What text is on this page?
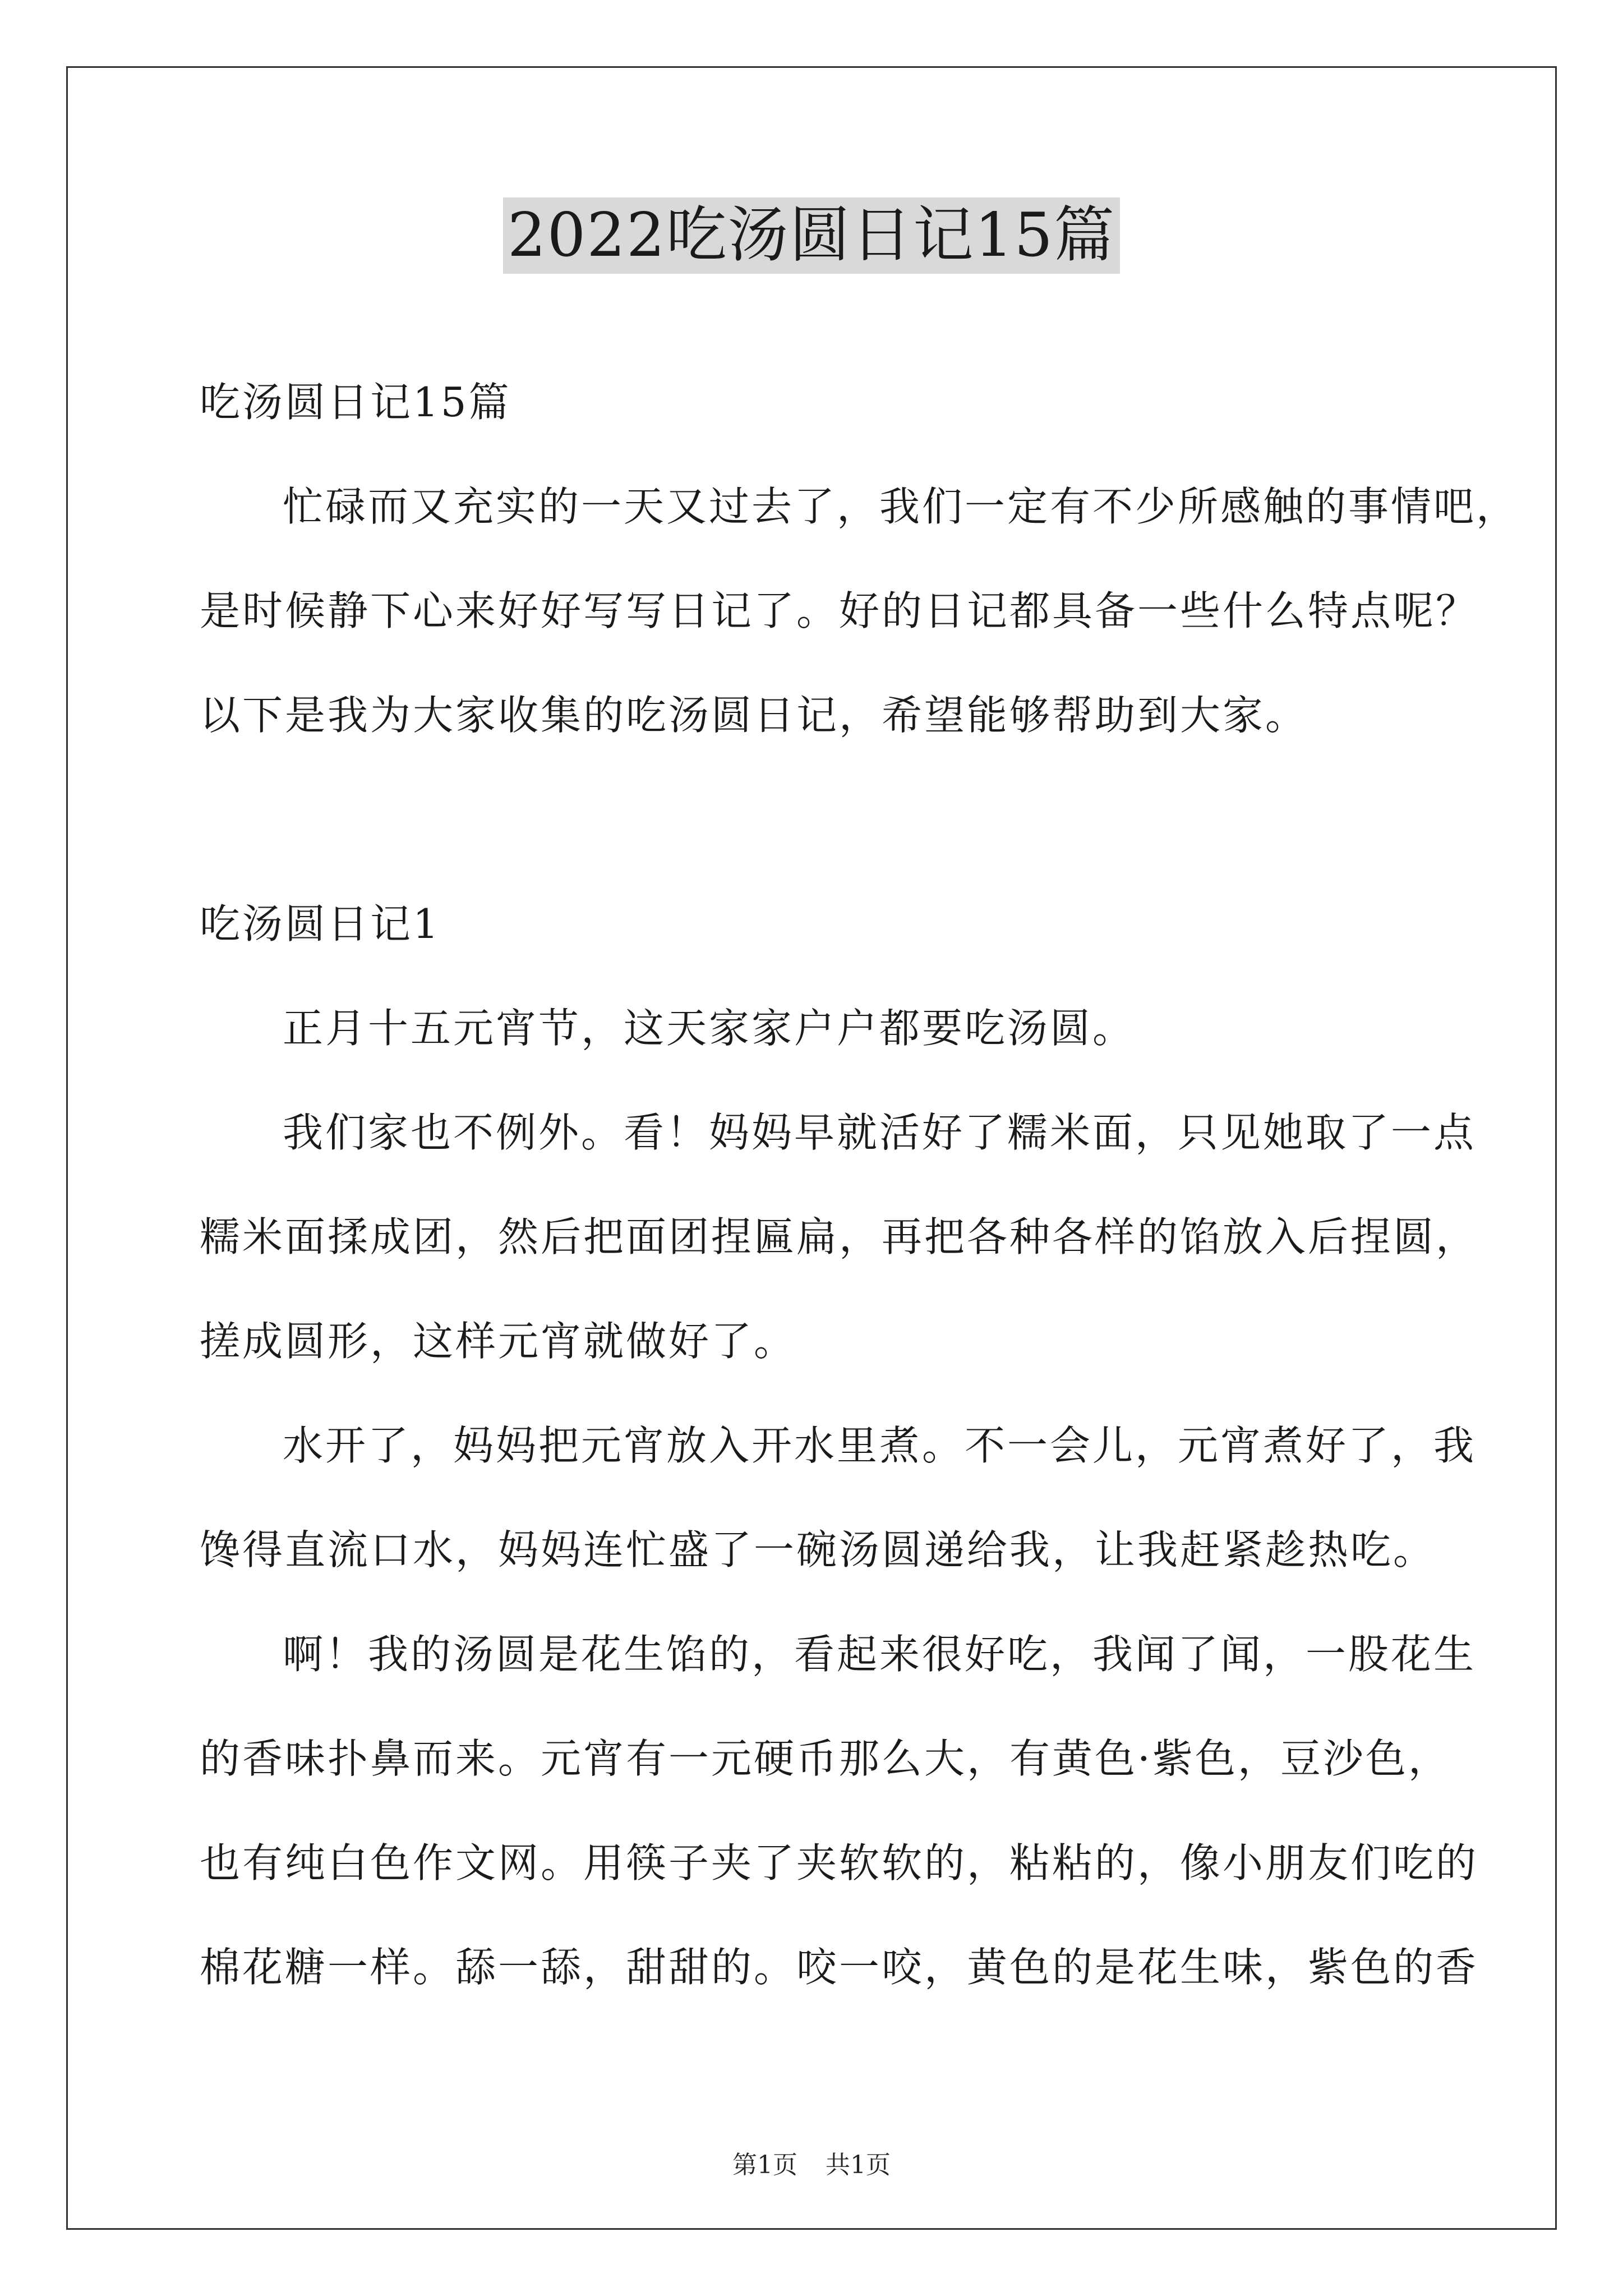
2022吃汤圆日记15篇
吃汤圆日记15篇
忙碌而又充实的一天又过去了，我们一定有不少所感触的事情吧，
是时候静下心来好好写写日记了。好的日记都具备一些什么特点呢？
以下是我为大家收集的吃汤圆日记，希望能够帮助到大家。
吃汤圆日记1
正月十五元宵节，这天家家户户都要吃汤圆。
我们家也不例外。看！妈妈早就活好了糯米面，只见她取了一点
糯米面揉成团，然后把面团捏匾扁，再把各种各样的馅放入后捏圆，
搓成圆形，这样元宵就做好了。
水开了，妈妈把元宵放入开水里煮。不一会儿，元宵煮好了，我
馋得直流口水，妈妈连忙盛了一碗汤圆递给我，让我赶紧趁热吃。
啊！我的汤圆是花生馅的，看起来很好吃，我闻了闻，一股花生
的香味扑鼻而来。元宵有一元硬币那么大，有黄色·紫色，豆沙色，
也有纯白色作文网。用筷子夹了夹软软的，粘粘的，像小朋友们吃的
棉花糖一样。舔一舔，甜甜的。咬一咬，黄色的是花生味，紫色的香
第1页 共1页
